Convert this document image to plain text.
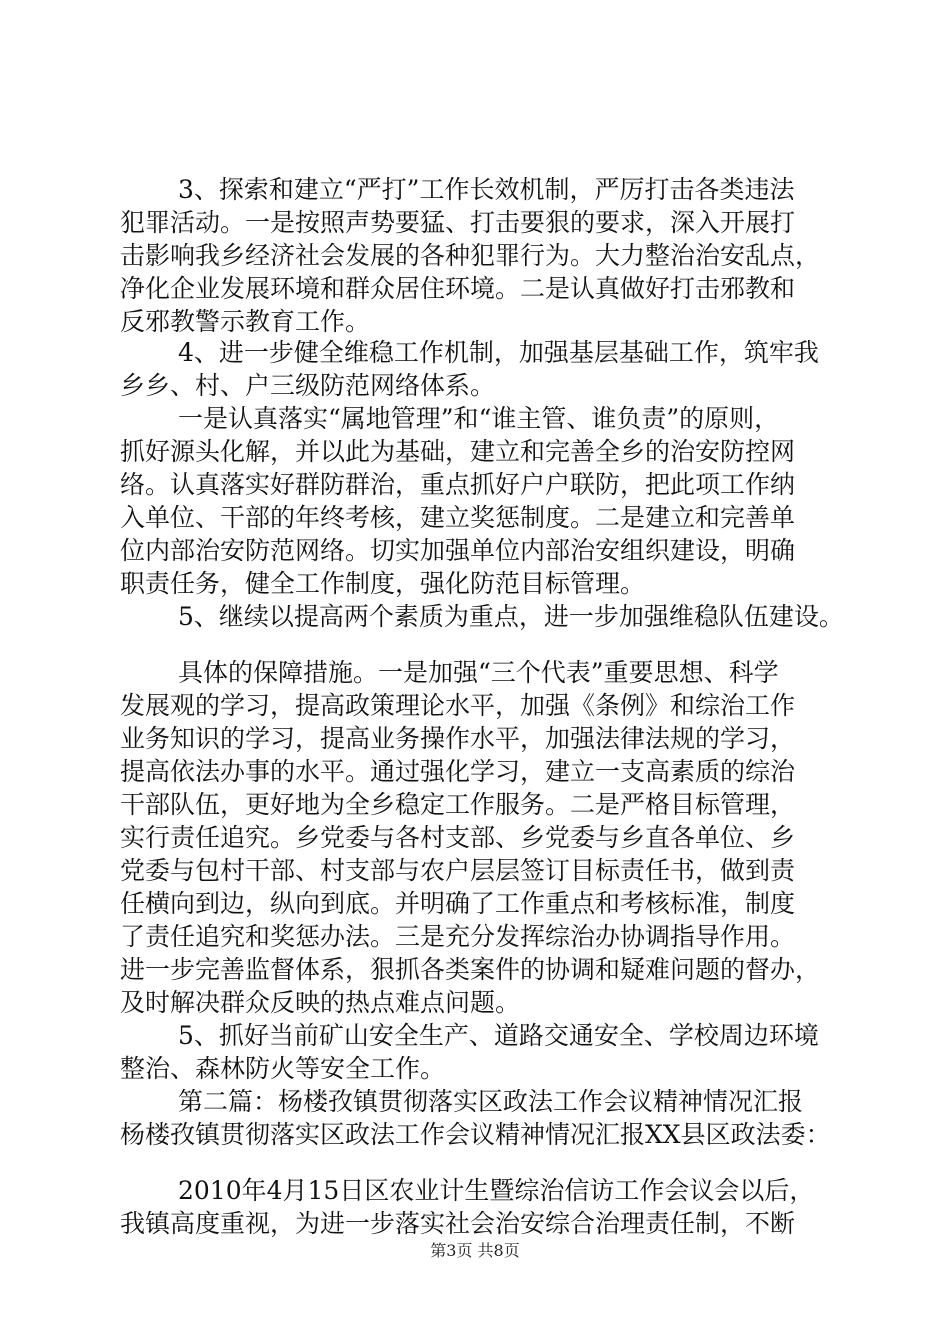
3、探索和建立“严打”工作长效机制，严厉打击各类违法
犯罪活动。一是按照声势要猛、打击要狠的要求，深入开展打
击影响我乡经济社会发展的各种犯罪行为。大力整治治安乱点，
净化企业发展环境和群众居住环境。二是认真做好打击邪教和
反邪教警示教育工作。
4、进一步健全维稳工作机制，加强基层基础工作，筑牢我
乡乡、村、户三级防范网络体系。
一是认真落实“属地管理”和“谁主管、谁负责”的原则，
抓好源头化解，并以此为基础，建立和完善全乡的治安防控网
络。认真落实好群防群治，重点抓好户户联防，把此项工作纳
入单位、干部的年终考核，建立奖惩制度。二是建立和完善单
位内部治安防范网络。切实加强单位内部治安组织建设，明确
职责任务，健全工作制度，强化防范目标管理。
5、继续以提高两个素质为重点，进一步加强维稳队伍建设。
具体的保障措施。一是加强“三个代表”重要思想、科学
发展观的学习，提高政策理论水平，加强《条例》和综治工作
业务知识的学习，提高业务操作水平，加强法律法规的学习，
提高依法办事的水平。通过强化学习，建立一支高素质的综治
干部队伍，更好地为全乡稳定工作服务。二是严格目标管理，
实行责任追究。乡党委与各村支部、乡党委与乡直各单位、乡
党委与包村干部、村支部与农户层层签订目标责任书，做到责
任横向到边，纵向到底。并明确了工作重点和考核标准，制度
了责任追究和奖惩办法。三是充分发挥综治办协调指导作用。
进一步完善监督体系，狠抓各类案件的协调和疑难问题的督办，
及时解决群众反映的热点难点问题。
5、抓好当前矿山安全生产、道路交通安全、学校周边环境
整治、森林防火等安全工作。
第二篇：杨楼孜镇贯彻落实区政法工作会议精神情况汇报
杨楼孜镇贯彻落实区政法工作会议精神情况汇报XX县区政法委：
2010年4月15日区农业计生暨综治信访工作会议会以后，
我镇高度重视，为进一步落实社会治安综合治理责任制，不断
第3页 共8页
